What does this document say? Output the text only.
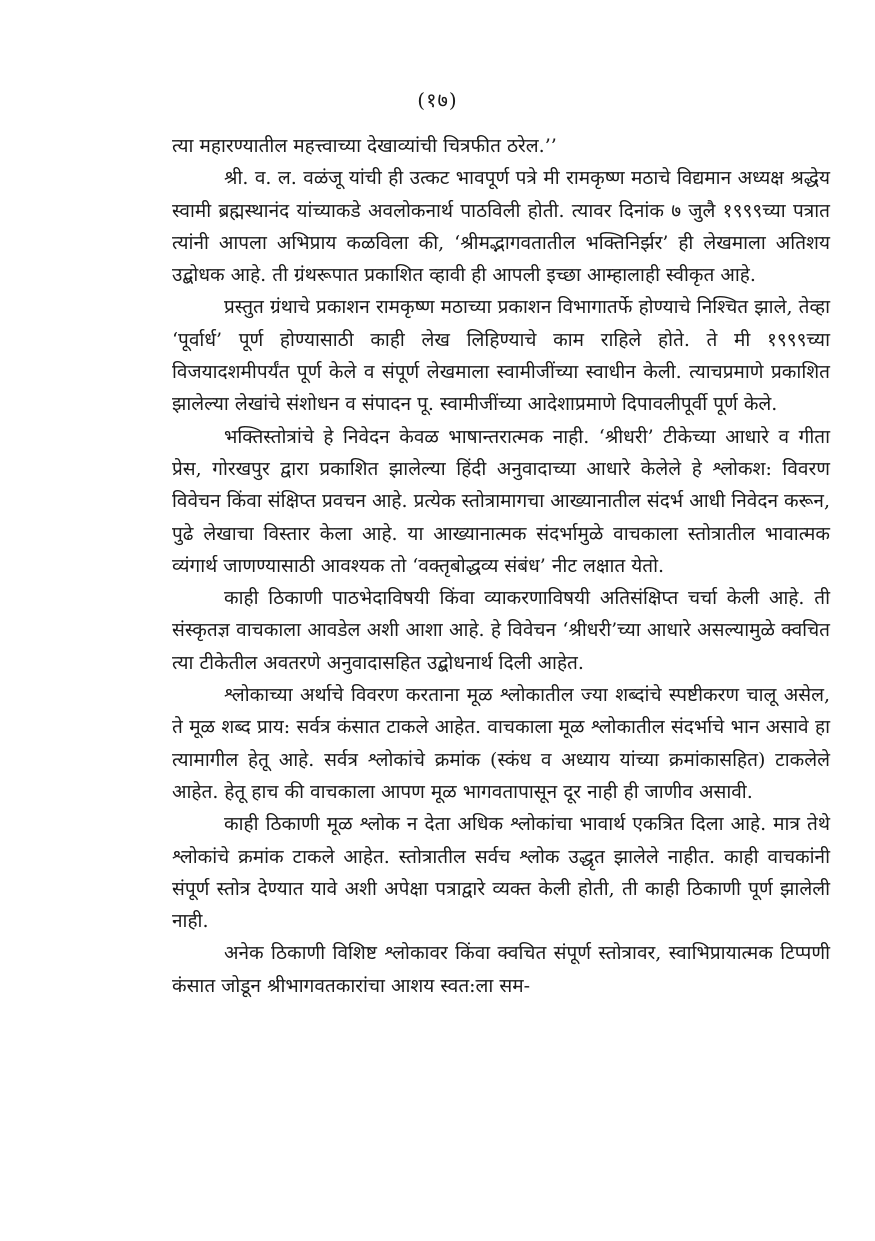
(१७)

त्या महारण्यातील महत्त्वाच्या देखाव्यांची चित्रफीत ठरेल.’’

श्री. व. ल. वळंजू यांची ही उत्कट भावपूर्ण पत्रे मी रामकृष्ण मठाचे विद्यमान अध्यक्ष श्रद्धेय स्वामी ब्रह्मस्थानंद यांच्याकडे अवलोकनार्थ पाठविली होती. त्यावर दिनांक ७ जुलै १९९९च्या पत्रात त्यांनी आपला अभिप्राय कळविला की, ‘श्रीमद्भागवतातील भक्तिनिर्झर’ ही लेखमाला अतिशय उद्बोधक आहे. ती ग्रंथरूपात प्रकाशित व्हावी ही आपली इच्छा आम्हालाही स्वीकृत आहे.

प्रस्तुत ग्रंथाचे प्रकाशन रामकृष्ण मठाच्या प्रकाशन विभागातर्फे होण्याचे निश्चित झाले, तेव्हा ‘पूर्वार्ध’ पूर्ण होण्यासाठी काही लेख लिहिण्याचे काम राहिले होते. ते मी १९९९च्या विजयादशमीपर्यंत पूर्ण केले व संपूर्ण लेखमाला स्वामीजींच्या स्वाधीन केली. त्याचप्रमाणे प्रकाशित झालेल्या लेखांचे संशोधन व संपादन पू. स्वामीजींच्या आदेशाप्रमाणे दिपावलीपूर्वी पूर्ण केले.

भक्तिस्तोत्रांचे हे निवेदन केवळ भाषान्तरात्मक नाही. ‘श्रीधरी’ टीकेच्या आधारे व गीता प्रेस, गोरखपुर द्वारा प्रकाशित झालेल्या हिंदी अनुवादाच्या आधारे केलेले हे श्लोकश: विवरण विवेचन किंवा संक्षिप्त प्रवचन आहे. प्रत्येक स्तोत्रामागचा आख्यानातील संदर्भ आधी निवेदन करून, पुढे लेखाचा विस्तार केला आहे. या आख्यानात्मक संदर्भामुळे वाचकाला स्तोत्रातील भावात्मक व्यंगार्थ जाणण्यासाठी आवश्यक तो ‘वक्तृबोद्धव्य संबंध’ नीट लक्षात येतो.

काही ठिकाणी पाठभेदाविषयी किंवा व्याकरणाविषयी अतिसंक्षिप्त चर्चा केली आहे. ती संस्कृतज्ञ वाचकाला आवडेल अशी आशा आहे. हे विवेचन ‘श्रीधरी’च्या आधारे असल्यामुळे क्वचित त्या टीकेतील अवतरणे अनुवादासहित उद्बोधनार्थ दिली आहेत.

श्लोकाच्या अर्थाचे विवरण करताना मूळ श्लोकातील ज्या शब्दांचे स्पष्टीकरण चालू असेल, ते मूळ शब्द प्राय: सर्वत्र कंसात टाकले आहेत. वाचकाला मूळ श्लोकातील संदर्भाचे भान असावे हा त्यामागील हेतू आहे. सर्वत्र श्लोकांचे क्रमांक (स्कंध व अध्याय यांच्या क्रमांकासहित) टाकलेले आहेत. हेतू हाच की वाचकाला आपण मूळ भागवतापासून दूर नाही ही जाणीव असावी.

काही ठिकाणी मूळ श्लोक न देता अधिक श्लोकांचा भावार्थ एकत्रित दिला आहे. मात्र तेथे श्लोकांचे क्रमांक टाकले आहेत. स्तोत्रातील सर्वच श्लोक उद्धृत झालेले नाहीत. काही वाचकांनी संपूर्ण स्तोत्र देण्यात यावे अशी अपेक्षा पत्राद्वारे व्यक्त केली होती, ती काही ठिकाणी पूर्ण झालेली नाही.

अनेक ठिकाणी विशिष्ट श्लोकावर किंवा क्वचित संपूर्ण स्तोत्रावर, स्वाभिप्रायात्मक टिप्पणी कंसात जोडून श्रीभागवतकारांचा आशय स्वत:ला सम-
